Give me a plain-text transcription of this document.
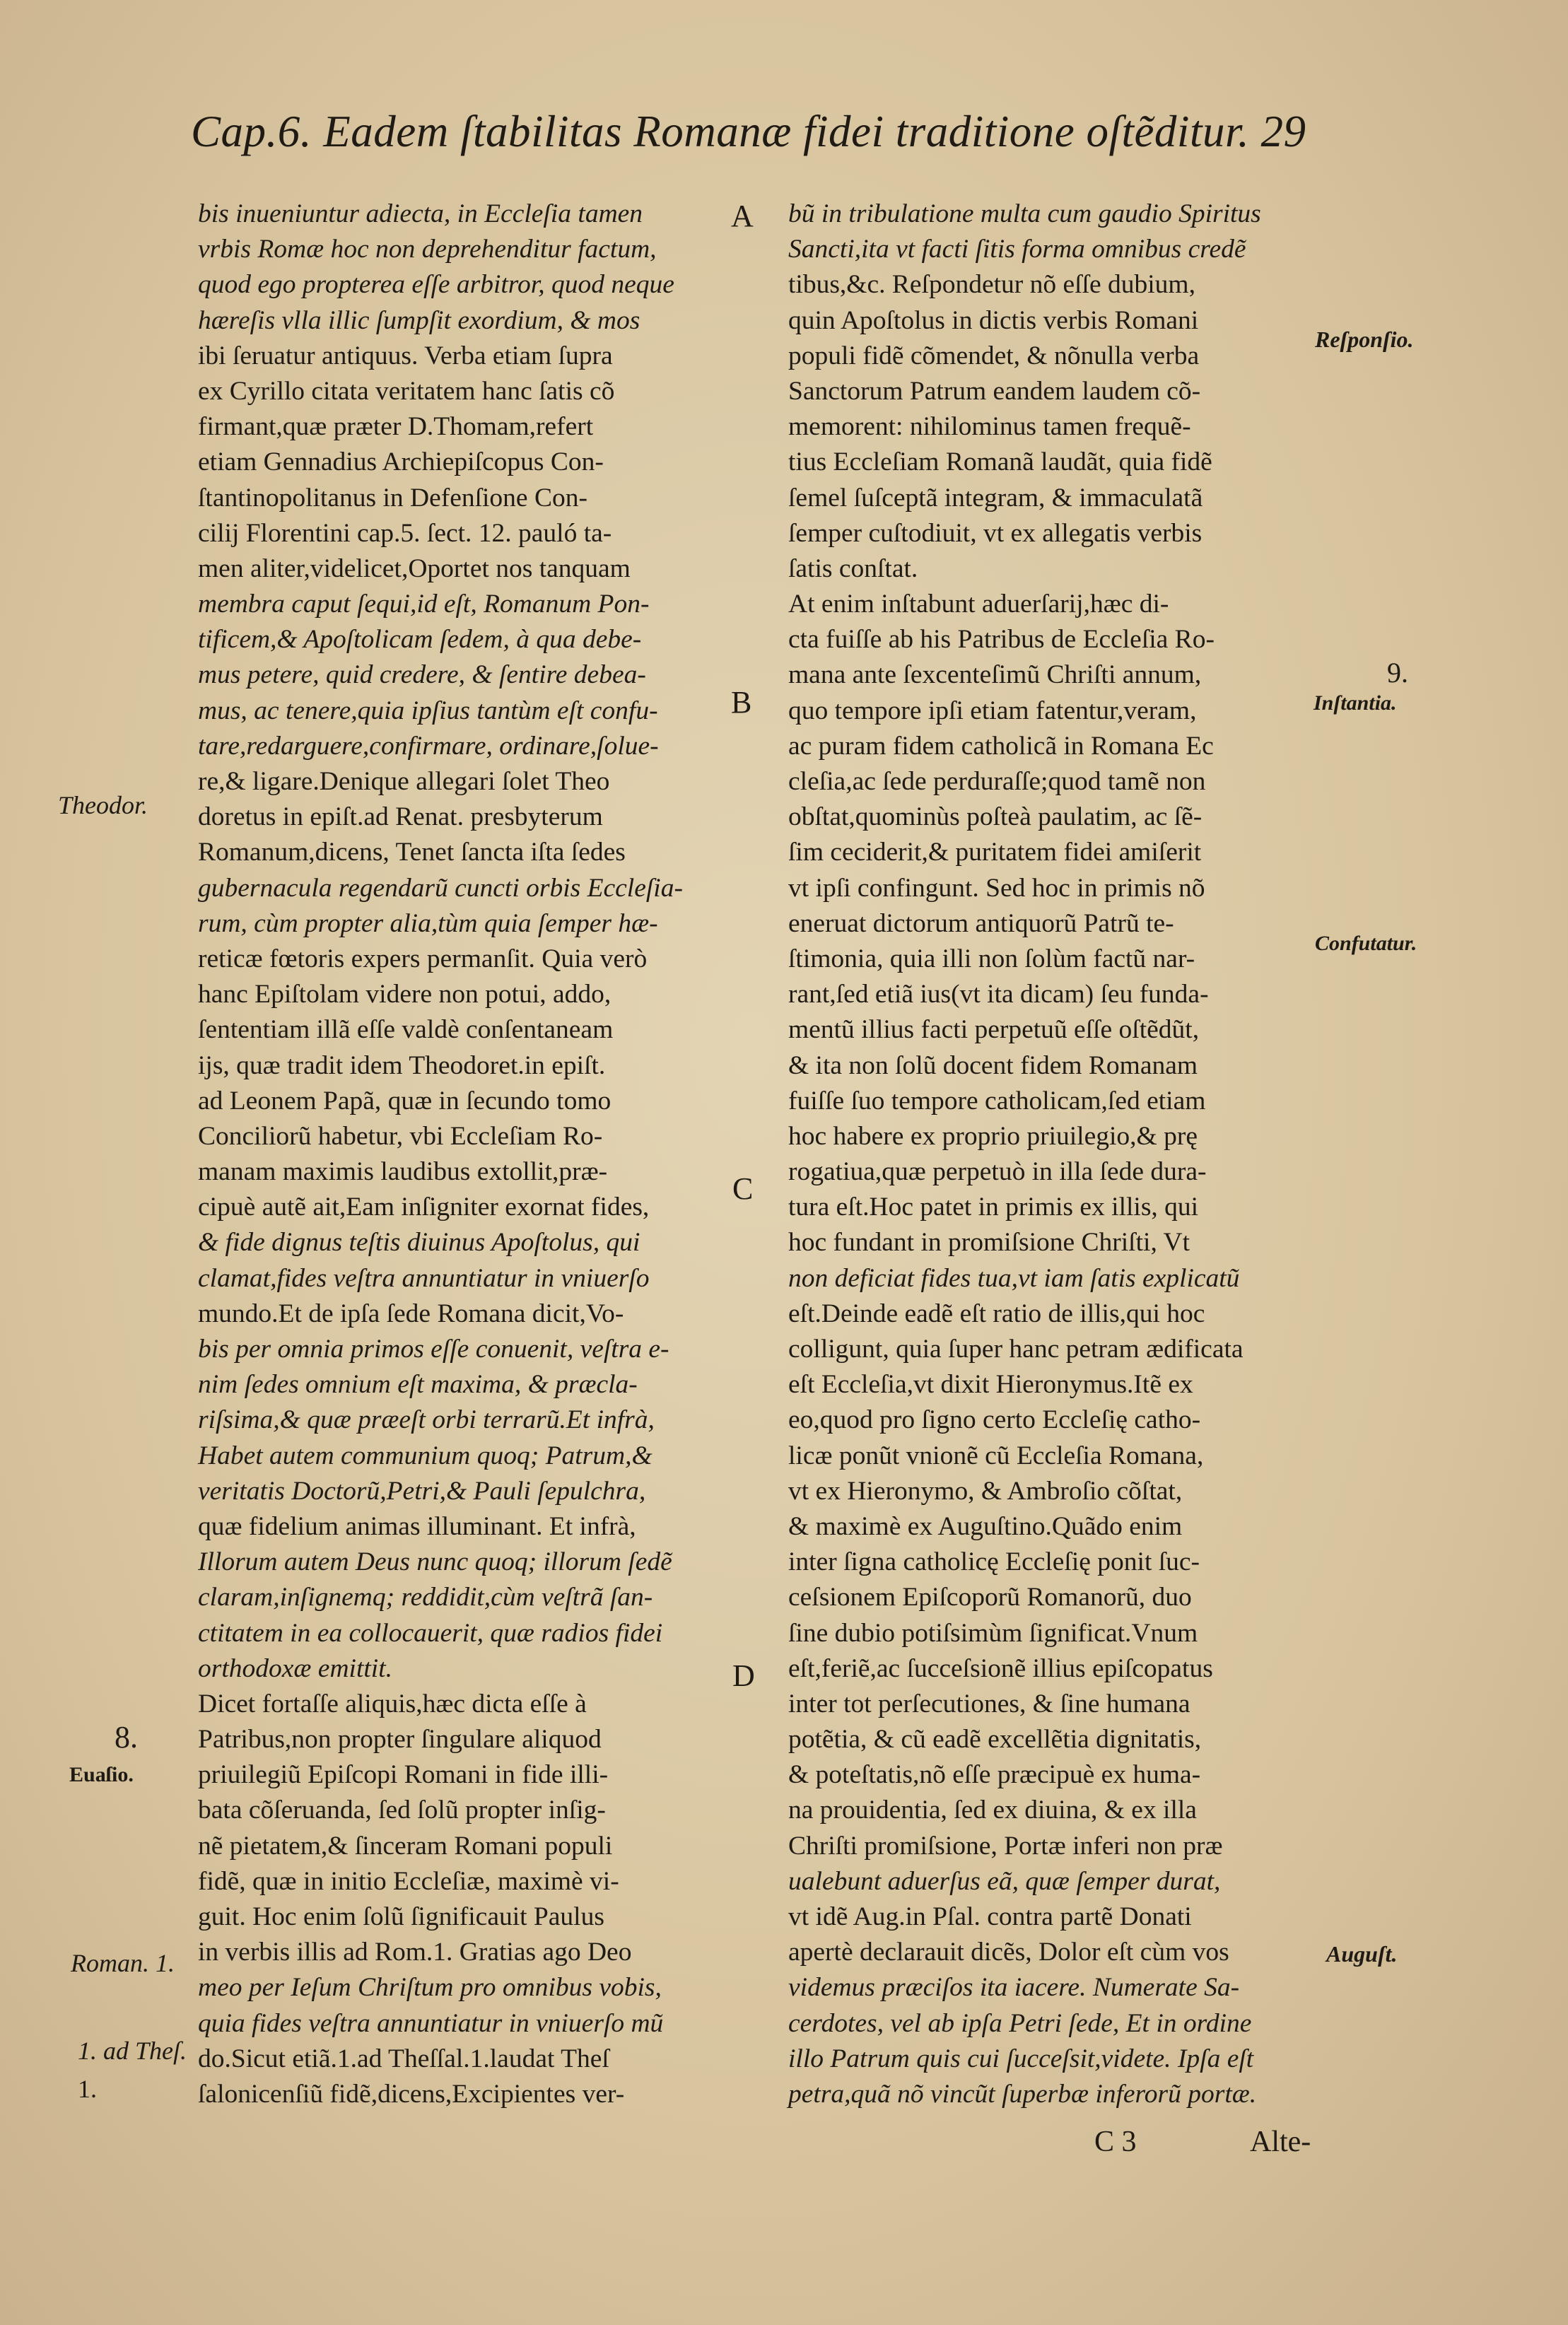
Cap.6. Eadem ſtabilitas Romanæ fidei traditione oſtẽditur. 29
bis inueniuntur adiecta, in Eccleſia tamen
vrbis Romæ hoc non deprehenditur factum,
quod ego propterea eſſe arbitror, quod neque
hæreſis vlla illic ſumpſit exordium, & mos
ibi ſeruatur antiquus. Verba etiam ſupra
ex Cyrillo citata veritatem hanc ſatis cõ
firmant,quæ præter D.Thomam,refert
etiam Gennadius Archiepiſcopus Con-
ſtantinopolitanus in Defenſione Con-
cilij Florentini cap.5. ſect. 12. pauló ta-
men aliter,videlicet,Oportet nos tanquam
membra caput ſequi,id eſt, Romanum Pon-
tificem,& Apoſtolicam ſedem, à qua debe-
mus petere, quid credere, & ſentire debea-
mus, ac tenere,quia ipſius tantùm eſt confu-
tare,redarguere,confirmare, ordinare,ſolue-
re,& ligare.Denique allegari ſolet Theo
doretus in epiſt.ad Renat. presbyterum
Romanum,dicens, Tenet ſancta iſta ſedes
gubernacula regendarũ cuncti orbis Eccleſia-
rum, cùm propter alia,tùm quia ſemper hæ-
reticæ fœtoris expers permanſit. Quia verò
hanc Epiſtolam videre non potui, addo,
ſententiam illã eſſe valdè conſentaneam
ijs, quæ tradit idem Theodoret.in epiſt.
ad Leonem Papã, quæ in ſecundo tomo
Conciliorũ habetur, vbi Eccleſiam Ro-
manam maximis laudibus extollit,præ-
cipuè autẽ ait,Eam inſigniter exornat fides,
& fide dignus teſtis diuinus Apoſtolus, qui
clamat,fides veſtra annuntiatur in vniuerſo
mundo.Et de ipſa ſede Romana dicit,Vo-
bis per omnia primos eſſe conuenit, veſtra e-
nim ſedes omnium eſt maxima, & præcla-
riſsima,& quæ præeſt orbi terrarũ.Et infrà,
Habet autem communium quoq; Patrum,&
veritatis Doctorũ,Petri,& Pauli ſepulchra,
quæ fidelium animas illuminant. Et infrà,
Illorum autem Deus nunc quoq; illorum ſedẽ
claram,inſignemq; reddidit,cùm veſtrã ſan-
ctitatem in ea collocauerit, quæ radios fidei
orthodoxæ emittit.
Dicet fortaſſe aliquis,hæc dicta eſſe à
Patribus,non propter ſingulare aliquod
priuilegiũ Epiſcopi Romani in fide illi-
bata cõſeruanda, ſed ſolũ propter inſig-
nẽ pietatem,& ſinceram Romani populi
fidẽ, quæ in initio Eccleſiæ, maximè vi-
guit. Hoc enim ſolũ ſignificauit Paulus
in verbis illis ad Rom.1. Gratias ago Deo
meo per Ieſum Chriſtum pro omnibus vobis,
quia fides veſtra annuntiatur in vniuerſo mũ
do.Sicut etiã.1.ad Theſſal.1.laudat Theſ
ſalonicenſiũ fidẽ,dicens,Excipientes ver-
bũ in tribulatione multa cum gaudio Spiritus
Sancti,ita vt facti ſitis forma omnibus credẽ
tibus,&c. Reſpondetur nõ eſſe dubium,
quin Apoſtolus in dictis verbis Romani
populi fidẽ cõmendet, & nõnulla verba
Sanctorum Patrum eandem laudem cõ-
memorent: nihilominus tamen frequẽ-
tius Eccleſiam Romanã laudãt, quia fidẽ
ſemel ſuſceptã integram, & immaculatã
ſemper cuſtodiuit, vt ex allegatis verbis
ſatis conſtat.
At enim inſtabunt aduerſarij,hæc di-
cta fuiſſe ab his Patribus de Eccleſia Ro-
mana ante ſexcenteſimũ Chriſti annum,
quo tempore ipſi etiam fatentur,veram,
ac puram fidem catholicã in Romana Ec
cleſia,ac ſede perduraſſe;quod tamẽ non
obſtat,quominùs poſteà paulatim, ac ſẽ-
ſim ceciderit,& puritatem fidei amiſerit
vt ipſi confingunt. Sed hoc in primis nõ
eneruat dictorum antiquorũ Patrũ te-
ſtimonia, quia illi non ſolùm factũ nar-
rant,ſed etiã ius(vt ita dicam) ſeu funda-
mentũ illius facti perpetuũ eſſe oſtẽdũt,
& ita non ſolũ docent fidem Romanam
fuiſſe ſuo tempore catholicam,ſed etiam
hoc habere ex proprio priuilegio,& prę
rogatiua,quæ perpetuò in illa ſede dura-
tura eſt.Hoc patet in primis ex illis, qui
hoc fundant in promiſsione Chriſti, Vt
non deficiat fides tua,vt iam ſatis explicatũ
eſt.Deinde eadẽ eſt ratio de illis,qui hoc
colligunt, quia ſuper hanc petram ædificata
eſt Eccleſia,vt dixit Hieronymus.Itẽ ex
eo,quod pro ſigno certo Eccleſię catho-
licæ ponũt vnionẽ cũ Eccleſia Romana,
vt ex Hieronymo, & Ambroſio cõſtat,
& maximè ex Auguſtino.Quãdo enim
inter ſigna catholicę Eccleſię ponit ſuc-
ceſsionem Epiſcoporũ Romanorũ, duo
ſine dubio potiſsimùm ſignificat.Vnum
eſt,feriẽ,ac ſucceſsionẽ illius epiſcopatus
inter tot perſecutiones, & ſine humana
potẽtia, & cũ eadẽ excellẽtia dignitatis,
& poteſtatis,nõ eſſe præcipuè ex huma-
na prouidentia, ſed ex diuina, & ex illa
Chriſti promiſsione, Portæ inferi non præ
ualebunt aduerſus eã, quæ ſemper durat,
vt idẽ Aug.in Pſal. contra partẽ Donati
apertè declarauit dicẽs, Dolor eſt cùm vos
videmus præciſos ita iacere. Numerate Sa-
cerdotes, vel ab ipſa Petri ſede, Et in ordine
illo Patrum quis cui ſucceſsit,videte. Ipſa eſt
petra,quã nõ vincũt ſuperbæ inferorũ portæ.
A
B
C
D
Theodor.
8.
Euaſio.
Roman. 1.
1. ad Theſ.
1.
Reſponſio.
9.
Inſtantia.
Confutatur.
Auguſt.
C 3	Alte-
